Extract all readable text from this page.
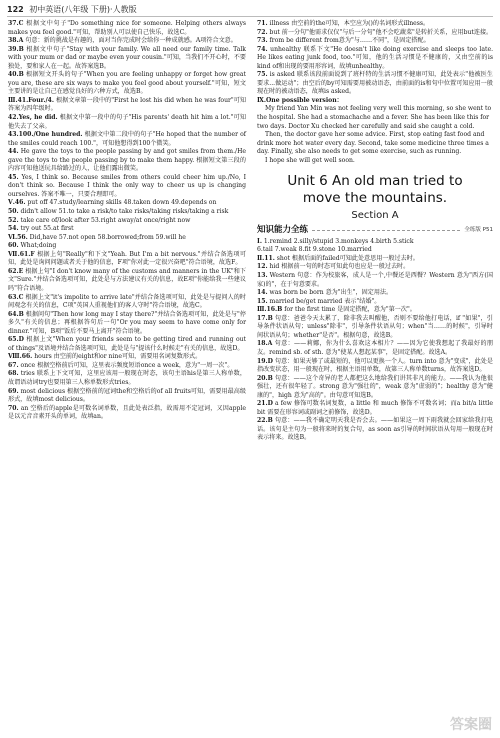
122 初中英语(八年级 下册)·人教版

37.C 根据文中句子"Do something nice for someone. Helping others always makes you feel good."可知，帮助别人可以使自己快乐，故选C。

38.A 句意：新的挑战是有趣的，面对当你完成时会给你一种成就感。A项符合文意。

39.B 根据文中句子"Stay with your family. We all need our family time. Talk with your mum or dad or maybe even your cousin."可知，当我们不开心时，不要独处，要和家人在一起。故答案选B。

40.B 根据短文开头的句子"When you are feeling unhappy or forget how great you are, these are six ways to make you feel good about yourself."可知，短文主要讲的是让自己在感觉良好的六种方式，故选B。

Ⅲ.41.Four./4. 根据文章第一段中的"First he lost his did when he was four"可知答案为四年级时。

42.Yes, he did. 根据文中第一段中的句子"His parents' death hit him a lot."可知他失去了父亲。

43.100./One hundred. 根据文中第二段中的句子"He hoped that the number of the smiles could reach 100."，可知他想得到100个微笑。

44. He gave the toys to the people passing by and got smiles from them./He gave the toys to the people passing by to make them happy. 根据短文第三段的内容可知他送玩具给路过的人，让他们露出微笑。

45. Yes, I think so. Because smiles from others could cheer him up./No, I don't think so. Because I think the only way to cheer us up is changing ourselves. 答案不唯一，只要合理即可。

Ⅴ.46. put off 47.study/learning skills 48.taken down 49.depends on

50. didn't allow 51.to take a risk/to take risks/taking risks/taking a risk

52. take care of/look after 53.right away/at once/right now

54. try out 55.at first

Ⅵ.56. Did,have 57.not open 58.borrowed;from 59.will he

60. What;doing

Ⅶ.61.F 根据上句"Really"和下文"Yeah. But I'm a bit nervous."并结合备选项可知，此处是询问问题或者关于他的信息，F项"你对此一定很兴奋吧"符合语境，故选F。

62.E 根据上句"I don't know many of the customs and manners in the UK"和下文"Sure."并结合备选项可知，此处是与方法建议有关的信息，故E项"你能给我一些建议吗"符合语境。

63.C 根据上文"it's impolite to arrive late"并结合备选项可知，此处是与提问人的时间观念有关的信息，C项"英国人重视他们的客人守时"符合语境，故选C。

64.B 根据问句"Then how long may I stay there?"并结合备选项可知，此处是与"停多久"有关的信息；再根据答句后一句"Or you may seem to have come only for dinner."可知，B项"饭后不要马上离开"符合语境。

65.D 根据上文"When your friends seem to be getting tired and running out of things"及语境并结合备选项可知，此处是与"提该什么时候走"有关的信息，故选D。

Ⅷ.66. hours 由空前的eight和or nine可知，需要用名词复数形式。

67. once 根据空格前后可知，这里表示频度短语once a week，意为"一周一次"。

68. tries 联系上下文可知，这里应该用一般现在时态，该句主语his是第三人称单数，故谓语动词try也要用第三人称单数形式tries。

69. most delicious 根据空格前的冠词the和空格后的of all fruits可知，需要用最高级形式，故填most delicious。

70. an 空格后的apple是可数名词单数，且此处表泛指，故需用不定冠词，又因apple是以元音音素开头的单词，故填an。

71. illness 由空前的the可知，本空应为()的名词形式illness。

72. but 前一分句"他需求仅仅"与后一分句"他不会吃蔬菜"是转折关系，应用but连接。

73. from be different from意为"与……不同"，是固定搭配。

74. unhealthy 联系下文"He doesn't like doing exercise and sleeps too late. He likes eating junk food, too."可知，他的生活习惯是不健康的，又由空前的is kind of和出现的要用形容词，故填unhealthy。

75. is asked 联系该段前面说到了班杆特的生活习惯不健康可知，此处表示"他被医生要求...做运动"；由空后的by可知需要用被动语态，由前面的is和句中位置可知应用一般现在时的被动语态，故填is asked。

Ⅸ.One possible version：

My friend Yan Min was not feeling very well this morning, so she went to the hospital. She had a stomachache and a fever. She has been like this for two days. Doctor Xu checked her carefully and said she caught a cold.

Then, the doctor gave her some advice. First, stop eating fast food and drink more hot water every day. Second, take some medicine three times a day. Finally, she also needs to get some exercise, such as running.

I hope she will get well soon.

Unit 6 An old man tried to
move the mountains.
Section A
知识能力全练	全练版 P51

Ⅰ. 1.remind 2.silly/stupid 3.monkeys 4.birth 5.stick

6.tail 7.weak 8.fit 9.stone 10.married

Ⅱ.11. shot 根据后面的failed可知此处意思用一般过去时。

12. hid 根据前一句的时态可知此句也应是一般过去时。

13. Western 句意：作为校旅客，成人是一个,中餐还是西餐？Western 意为"西方(国家)的"，在于句意要求。

14. was born be born 意为"出生"，固定用法。

15. married be/get married 表示"结婚"。

Ⅲ.16.B for the first time 是固定搭配，意为"第一次"。

17.B 句意：爸爸今天太累了，除非我去叫醒他，否则不要给他打电话，if "如果"，引导条件状语从句；unless"除非"，引导条件状语从句；when"当……的时候"，引导时间状语从句；whether"是否"。根据句意，故选B。

18.A 句意：——莉娜，你为什么喜欢这本相片？——因为它使我想起了我最好的朋友。remind sb. of sth. 意为"使某人想起某事"，是固定搭配。故选A。

19.D 句意：如果天够了或最短的，他可以更换一个人。turn into 意为"变成"，此处是指改变状态，用一般现在时，根据主语用单数，故第三人称单数turns，故答案选D。

20.B 句意：——这个奇异的老人都把这么地给我们讲其非凡的能力。——我认为他很强壮，还有很年轻了。strong 意为"强壮的"，weak 意为"虚弱的"；healthy 意为"健康的"，high 意为"高的"。由句意可知选B。

21.D a few 修饰可数名词复数，a little 和 much 修饰不可数名词；而a bit/a little bit 需要在形容词或副词之前修饰，故选D。

22.B 句意：——我不确定明天我是否会去。——如果这一周下雨我就会回家给我打电话。该句是主句为一般将来时的复合句，as soon as引导的时间状语从句用一般现在时表示将来。故选B。

答案圈
